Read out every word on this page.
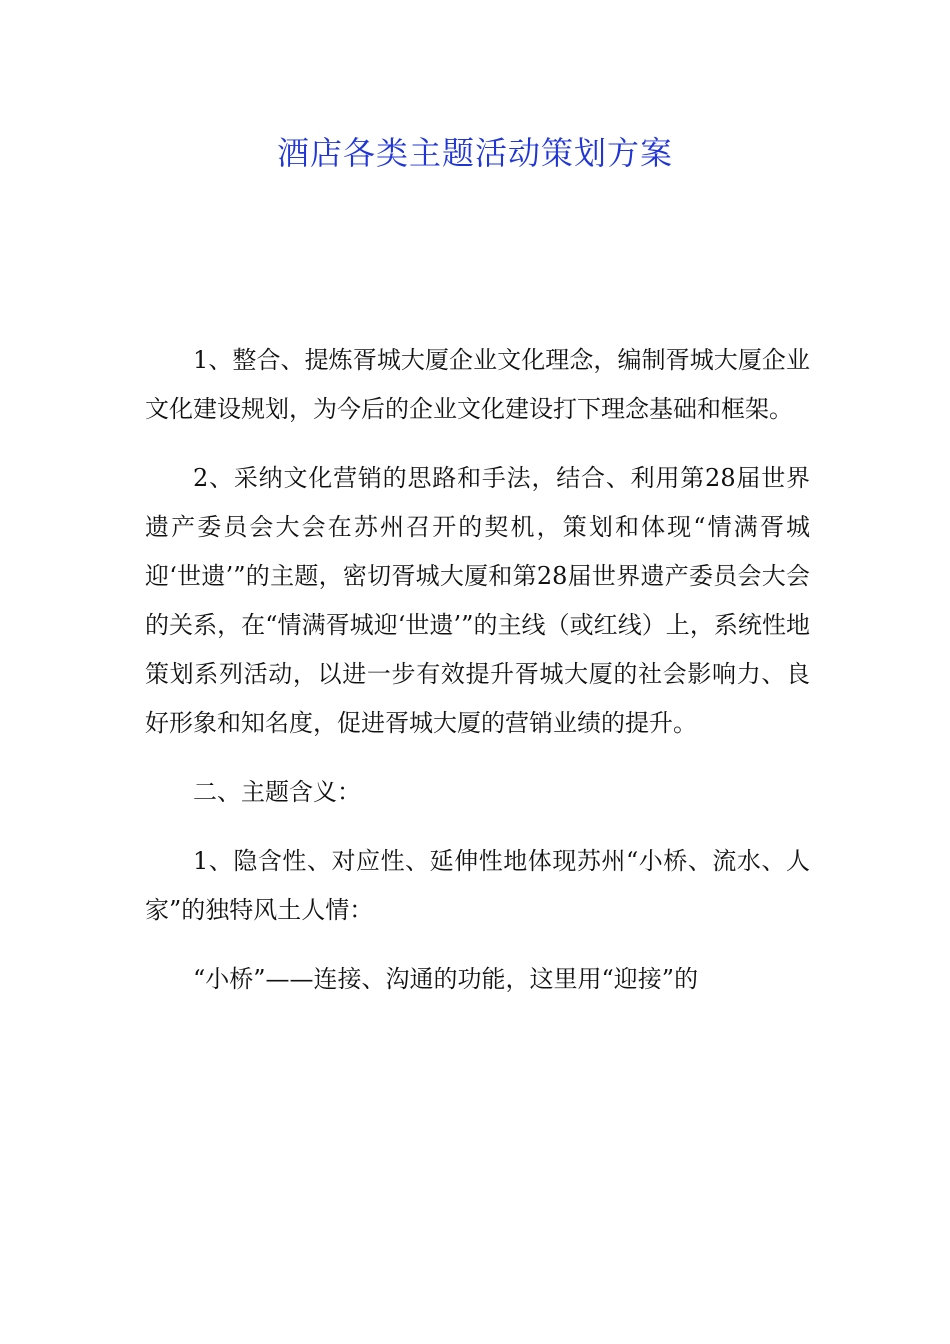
酒店各类主题活动策划方案

1、整合、提炼胥城大厦企业文化理念，编制胥城大厦企业文化建设规划，为今后的企业文化建设打下理念基础和框架。

2、采纳文化营销的思路和手法，结合、利用第28届世界遗产委员会大会在苏州召开的契机，策划和体现“情满胥城迎‘世遗’”的主题，密切胥城大厦和第28届世界遗产委员会大会的关系，在“情满胥城迎‘世遗’”的主线（或红线）上，系统性地策划系列活动，以进一步有效提升胥城大厦的社会影响力、良好形象和知名度，促进胥城大厦的营销业绩的提升。

二、主题含义：

1、隐含性、对应性、延伸性地体现苏州“小桥、流水、人家”的独特风土人情：

“小桥”——连接、沟通的功能，这里用“迎接”的
